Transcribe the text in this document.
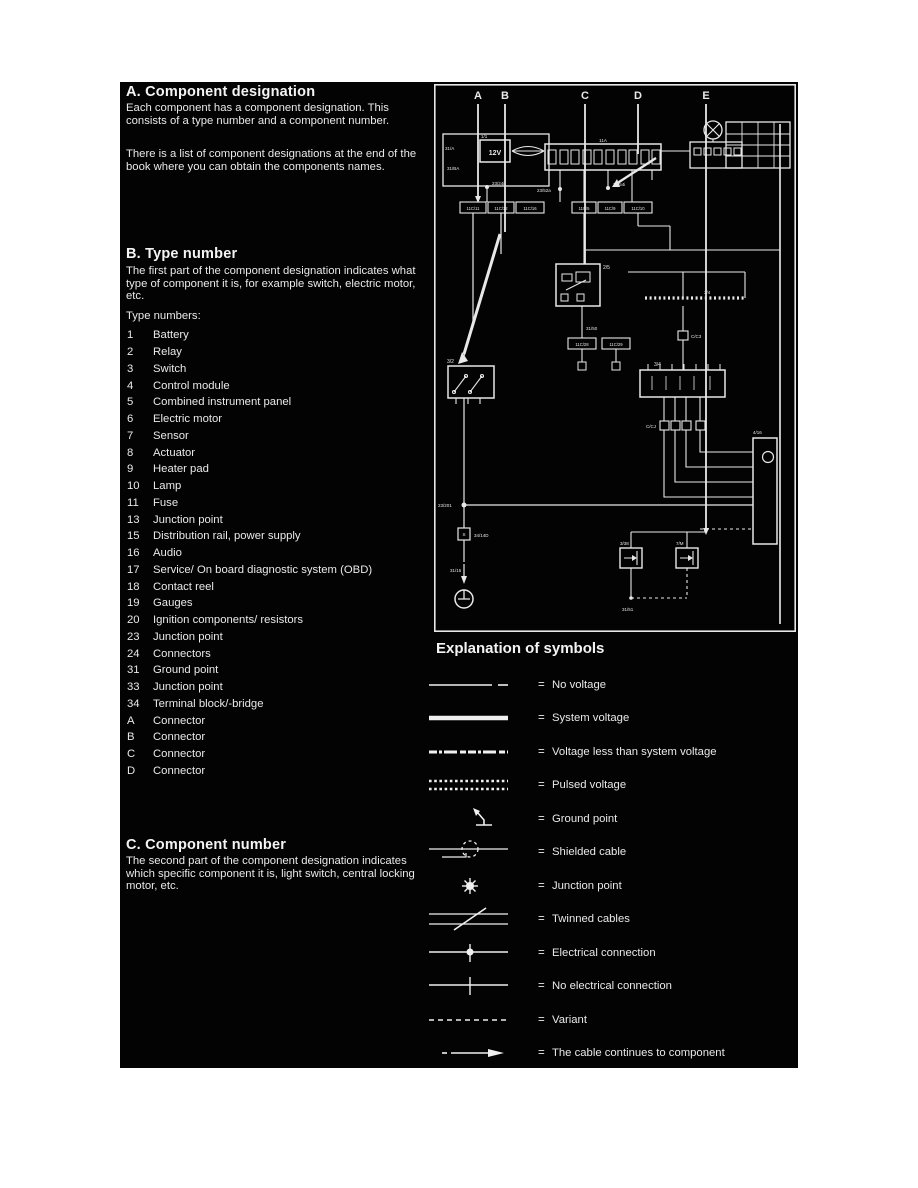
A. Component designation
Each component has a component designation. This consists of a type number and a component number.
There is a list of component designations at the end of the book where you can obtain the components names.
B. Type number
The first part of the component designation indicates what type of component it is, for example switch, electric motor, etc.
Type numbers:
1	Battery
2	Relay
3	Switch
4	Control module
5	Combined instrument panel
6	Electric motor
7	Sensor
8	Actuator
9	Heater pad
10	Lamp
11	Fuse
13	Junction point
15	Distribution rail, power supply
16	Audio
17	Service/ On board diagnostic system (OBD)
18	Contact reel
19	Gauges
20	Ignition components/ resistors
23	Junction point
24	Connectors
31	Ground point
33	Junction point
34	Terminal block/-bridge
A	Connector
B	Connector
C	Connector
D	Connector
C. Component number
The second part of the component designation indicates which specific component it is, light switch, central locking motor, etc.
A B	C	D	E
1/1
12V
31/A
31/BA
11A
23/24i
23/52a
23/54i
11C/11	11C/12	11C/16	11C/5	11C/9	11C/10
2/5
31/50
11C/28	11C/29
3/4
C/C3
3/2	3/4
C/CJ
4/16
23/201
34/14D
S
31/15
3/38	7/M
31/51
Explanation of symbols
= No voltage
= System voltage
= Voltage less than system voltage
= Pulsed voltage
= Ground point
= Shielded cable
= Junction point
= Twinned cables
= Electrical connection
= No electrical connection
= Variant
= The cable continues to component
